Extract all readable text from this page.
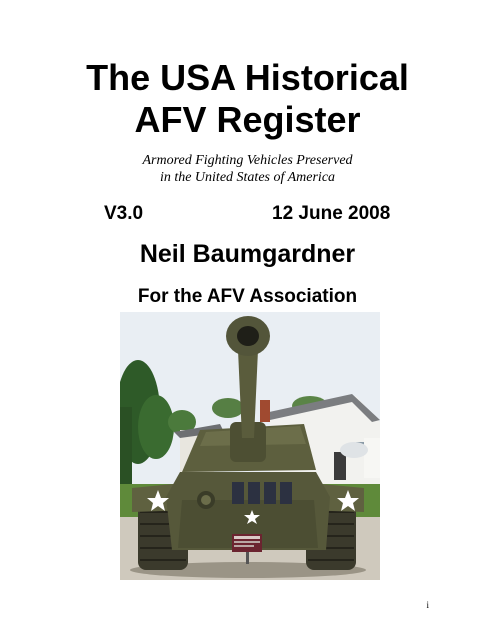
The USA Historical
AFV Register
Armored Fighting Vehicles Preserved
in the United States of America
V3.0	12 June 2008
Neil Baumgardner
For the AFV Association
i
